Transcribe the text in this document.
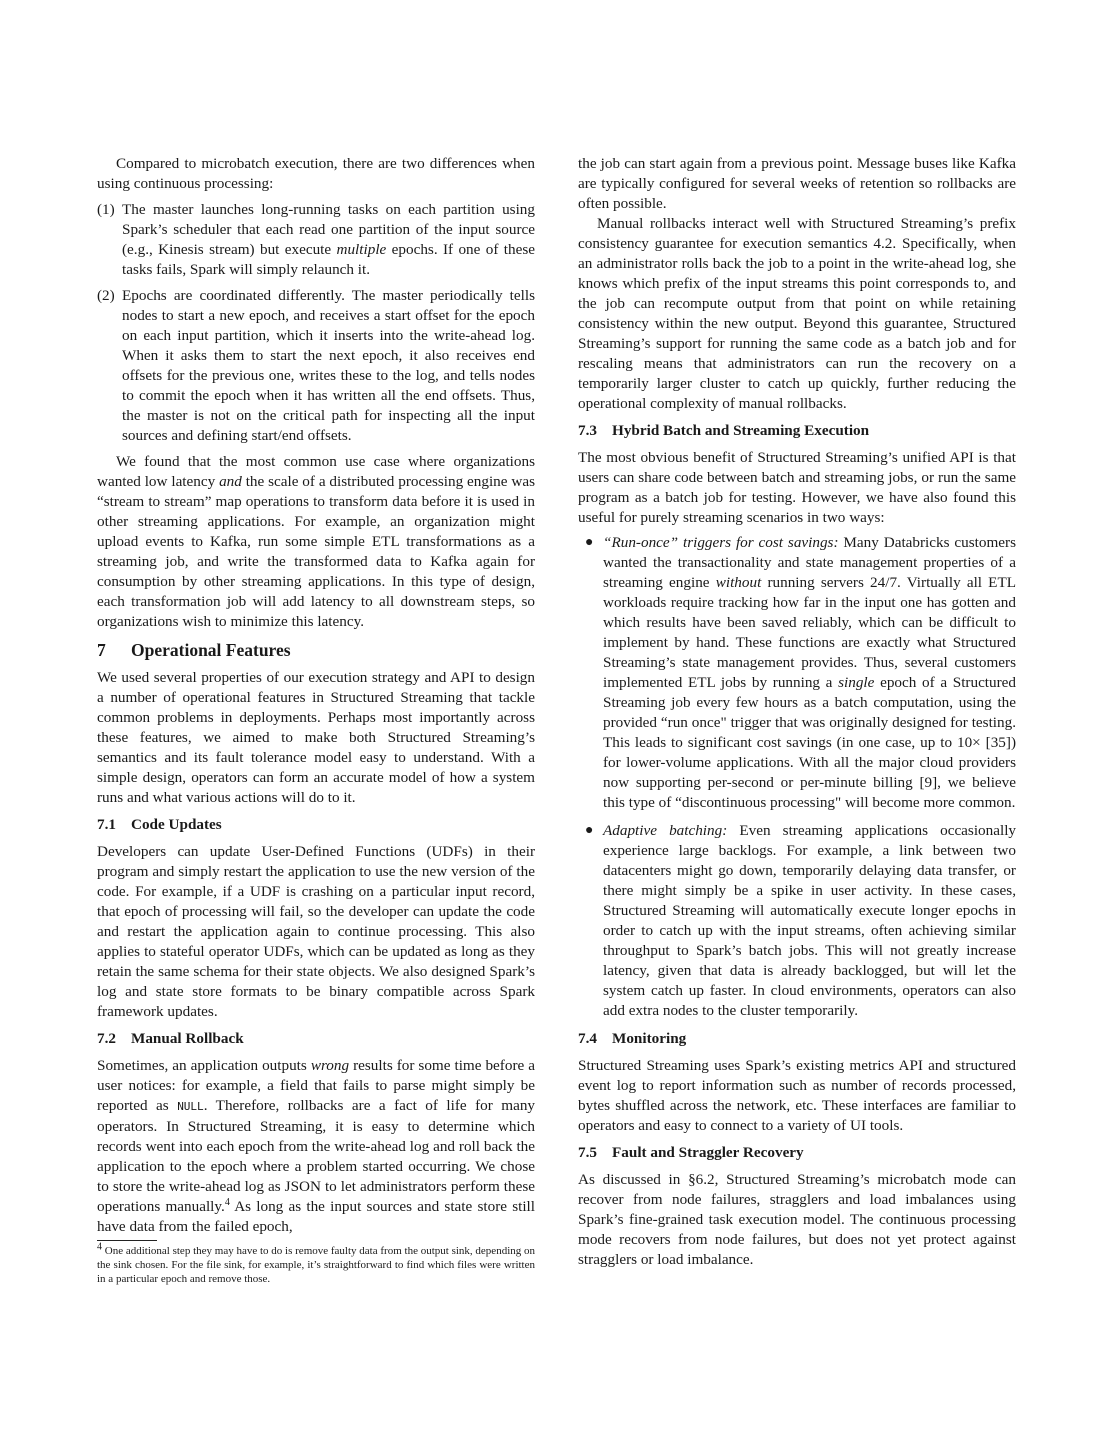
Compared to microbatch execution, there are two differences when using continuous processing:

(1) The master launches long-running tasks on each partition using Spark’s scheduler that each read one partition of the input source (e.g., Kinesis stream) but execute multiple epochs. If one of these tasks fails, Spark will simply relaunch it.
(2) Epochs are coordinated differently. The master periodically tells nodes to start a new epoch, and receives a start offset for the epoch on each input partition, which it inserts into the write-ahead log. When it asks them to start the next epoch, it also receives end offsets for the previous one, writes these to the log, and tells nodes to commit the epoch when it has written all the end offsets. Thus, the master is not on the critical path for inspecting all the input sources and defining start/end offsets.

We found that the most common use case where organizations wanted low latency and the scale of a distributed processing engine was “stream to stream” map operations to transform data before it is used in other streaming applications. For example, an organization might upload events to Kafka, run some simple ETL transformations as a streaming job, and write the transformed data to Kafka again for consumption by other streaming applications. In this type of design, each transformation job will add latency to all downstream steps, so organizations wish to minimize this latency.

7 Operational Features

We used several properties of our execution strategy and API to design a number of operational features in Structured Streaming that tackle common problems in deployments. Perhaps most importantly across these features, we aimed to make both Structured Streaming’s semantics and its fault tolerance model easy to understand. With a simple design, operators can form an accurate model of how a system runs and what various actions will do to it.

7.1 Code Updates

Developers can update User-Defined Functions (UDFs) in their program and simply restart the application to use the new version of the code. For example, if a UDF is crashing on a particular input record, that epoch of processing will fail, so the developer can update the code and restart the application again to continue processing. This also applies to stateful operator UDFs, which can be updated as long as they retain the same schema for their state objects. We also designed Spark’s log and state store formats to be binary compatible across Spark framework updates.

7.2 Manual Rollback

Sometimes, an application outputs wrong results for some time before a user notices: for example, a field that fails to parse might simply be reported as NULL. Therefore, rollbacks are a fact of life for many operators. In Structured Streaming, it is easy to determine which records went into each epoch from the write-ahead log and roll back the application to the epoch where a problem started occurring. We chose to store the write-ahead log as JSON to let administrators perform these operations manually.$^4$ As long as the input sources and state store still have data from the failed epoch,

$^4$ One additional step they may have to do is remove faulty data from the output sink, depending on the sink chosen. For the file sink, for example, it’s straightforward to find which files were written in a particular epoch and remove those.

the job can start again from a previous point. Message buses like Kafka are typically configured for several weeks of retention so rollbacks are often possible.

Manual rollbacks interact well with Structured Streaming’s prefix consistency guarantee for execution semantics 4.2. Specifically, when an administrator rolls back the job to a point in the write-ahead log, she knows which prefix of the input streams this point corresponds to, and the job can recompute output from that point on while retaining consistency within the new output. Beyond this guarantee, Structured Streaming’s support for running the same code as a batch job and for rescaling means that administrators can run the recovery on a temporarily larger cluster to catch up quickly, further reducing the operational complexity of manual rollbacks.

7.3 Hybrid Batch and Streaming Execution

The most obvious benefit of Structured Streaming’s unified API is that users can share code between batch and streaming jobs, or run the same program as a batch job for testing. However, we have also found this useful for purely streaming scenarios in two ways:

● “Run-once” triggers for cost savings: Many Databricks customers wanted the transactionality and state management properties of a streaming engine without running servers 24/7. Virtually all ETL workloads require tracking how far in the input one has gotten and which results have been saved reliably, which can be difficult to implement by hand. These functions are exactly what Structured Streaming’s state management provides. Thus, several customers implemented ETL jobs by running a single epoch of a Structured Streaming job every few hours as a batch computation, using the provided “run once" trigger that was originally designed for testing. This leads to significant cost savings (in one case, up to 10× [35]) for lower-volume applications. With all the major cloud providers now supporting per-second or per-minute billing [9], we believe this type of “discontinuous processing" will become more common.
● Adaptive batching: Even streaming applications occasionally experience large backlogs. For example, a link between two datacenters might go down, temporarily delaying data transfer, or there might simply be a spike in user activity. In these cases, Structured Streaming will automatically execute longer epochs in order to catch up with the input streams, often achieving similar throughput to Spark’s batch jobs. This will not greatly increase latency, given that data is already backlogged, but will let the system catch up faster. In cloud environments, operators can also add extra nodes to the cluster temporarily.
7.4 Monitoring

Structured Streaming uses Spark’s existing metrics API and structured event log to report information such as number of records processed, bytes shuffled across the network, etc. These interfaces are familiar to operators and easy to connect to a variety of UI tools.

7.5 Fault and Straggler Recovery

As discussed in §6.2, Structured Streaming’s microbatch mode can recover from node failures, stragglers and load imbalances using Spark’s fine-grained task execution model. The continuous processing mode recovers from node failures, but does not yet protect against stragglers or load imbalance.
